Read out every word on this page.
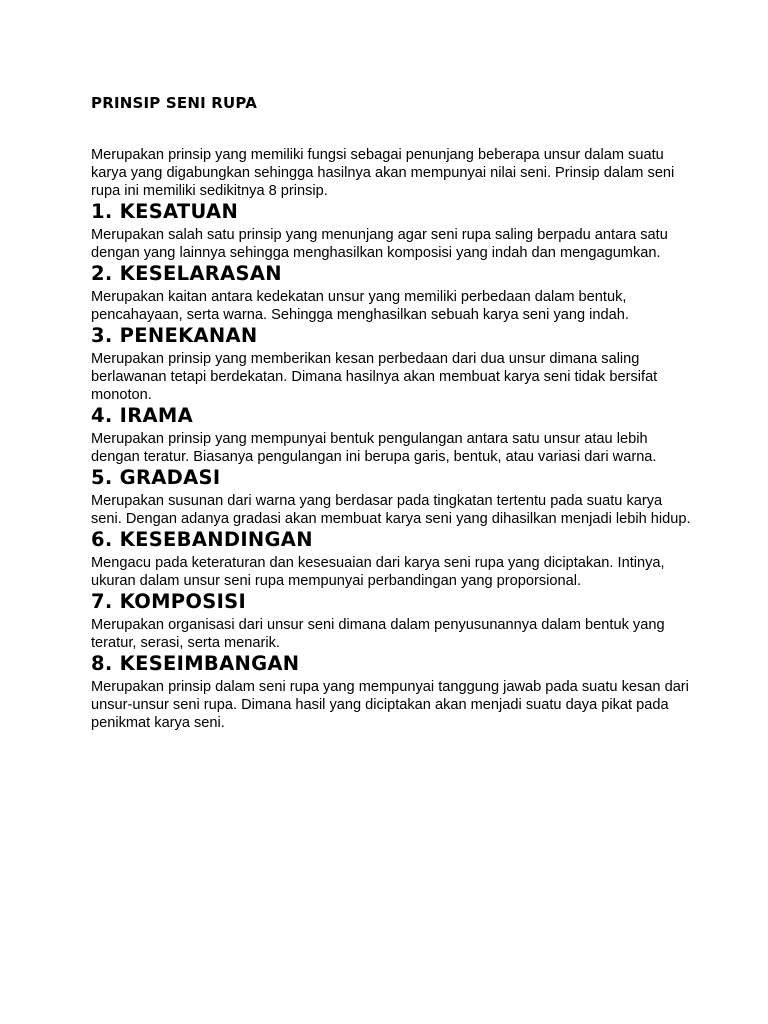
PRINSIP SENI RUPA

Merupakan prinsip yang memiliki fungsi sebagai penunjang beberapa unsur dalam suatu karya yang digabungkan sehingga hasilnya akan mempunyai nilai seni. Prinsip dalam seni rupa ini memiliki sedikitnya 8 prinsip.

1. KESATUAN

Merupakan salah satu prinsip yang menunjang agar seni rupa saling berpadu antara satu dengan yang lainnya sehingga menghasilkan komposisi yang indah dan mengagumkan.

2. KESELARASAN

Merupakan kaitan antara kedekatan unsur yang memiliki perbedaan dalam bentuk, pencahayaan, serta warna. Sehingga menghasilkan sebuah karya seni yang indah.

3. PENEKANAN

Merupakan prinsip yang memberikan kesan perbedaan dari dua unsur dimana saling berlawanan tetapi berdekatan. Dimana hasilnya akan membuat karya seni tidak bersifat monoton.

4. IRAMA

Merupakan prinsip yang mempunyai bentuk pengulangan antara satu unsur atau lebih dengan teratur. Biasanya pengulangan ini berupa garis, bentuk, atau variasi dari warna.

5. GRADASI

Merupakan susunan dari warna yang berdasar pada tingkatan tertentu pada suatu karya seni. Dengan adanya gradasi akan membuat karya seni yang dihasilkan menjadi lebih hidup.

6. KESEBANDINGAN

Mengacu pada keteraturan dan kesesuaian dari karya seni rupa yang diciptakan. Intinya, ukuran dalam unsur seni rupa mempunyai perbandingan yang proporsional.

7. KOMPOSISI

Merupakan organisasi dari unsur seni dimana dalam penyusunannya dalam bentuk yang teratur, serasi, serta menarik.

8. KESEIMBANGAN

Merupakan prinsip dalam seni rupa yang mempunyai tanggung jawab pada suatu kesan dari unsur-unsur seni rupa. Dimana hasil yang diciptakan akan menjadi suatu daya pikat pada penikmat karya seni.
